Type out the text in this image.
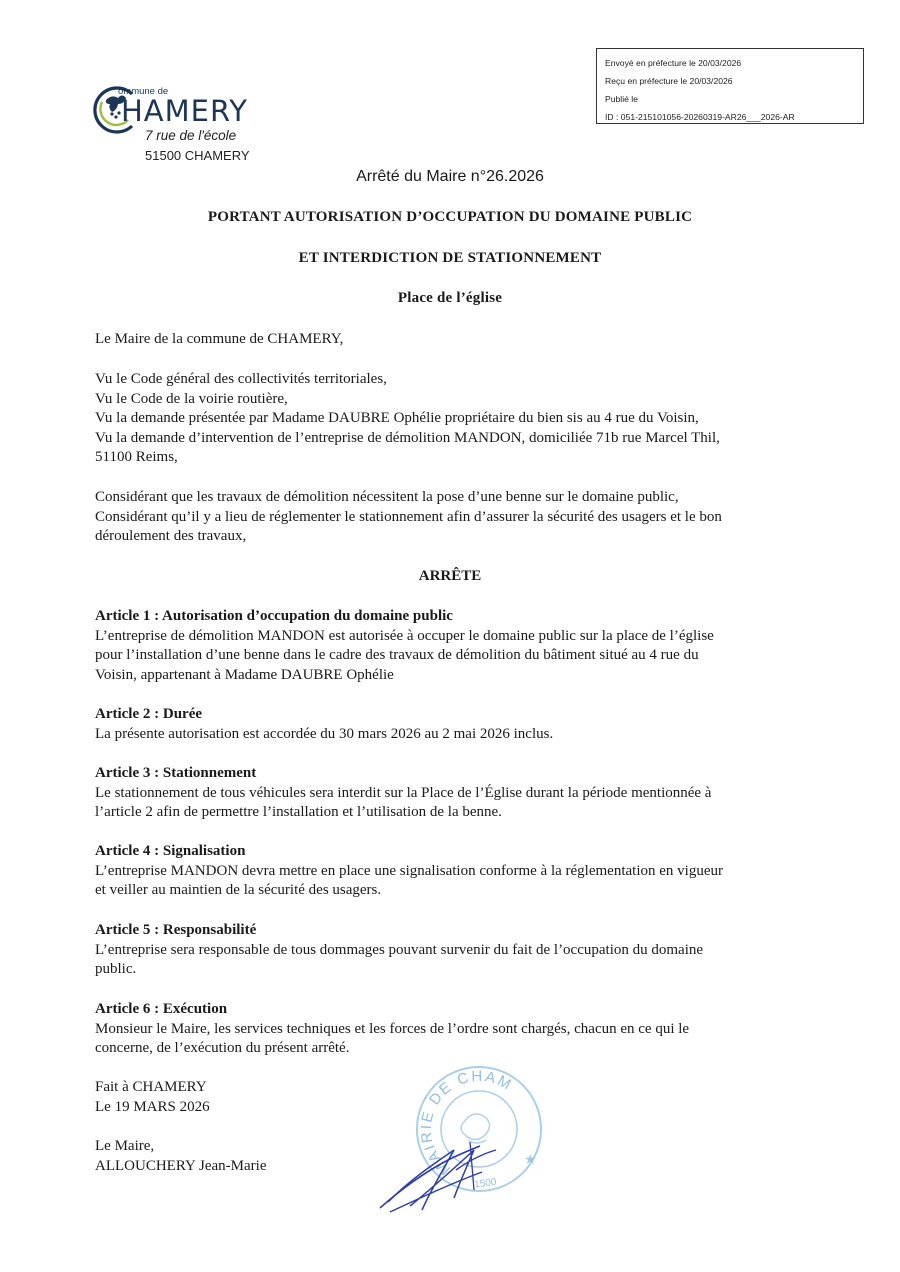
Envoyé en préfecture le 20/03/2026
Reçu en préfecture le 20/03/2026
Publié le
ID : 051-215101056-20260319-AR26___2026-AR
ommune de
HAMERY
7 rue de l'école
51500 CHAMERY
Arrêté du Maire n°26.2026
PORTANT AUTORISATION D’OCCUPATION DU DOMAINE PUBLIC
ET INTERDICTION DE STATIONNEMENT
Place de l’église

Le Maire de la commune de CHAMERY,

Vu le Code général des collectivités territoriales,

Vu le Code de la voirie routière,

Vu la demande présentée par Madame DAUBRE Ophélie propriétaire du bien sis au 4 rue du Voisin,

Vu la demande d’intervention de l’entreprise de démolition MANDON, domiciliée 71b rue Marcel Thil,

51100 Reims,

Considérant que les travaux de démolition nécessitent la pose d’une benne sur le domaine public,

Considérant qu’il y a lieu de réglementer le stationnement afin d’assurer la sécurité des usagers et le bon

déroulement des travaux,

ARRÊTE

Article 1 : Autorisation d’occupation du domaine public

L’entreprise de démolition MANDON est autorisée à occuper le domaine public sur la place de l’église

pour l’installation d’une benne dans le cadre des travaux de démolition du bâtiment situé au 4 rue du

Voisin, appartenant à Madame DAUBRE Ophélie

Article 2 : Durée

La présente autorisation est accordée du 30 mars 2026 au 2 mai 2026 inclus.

Article 3 : Stationnement

Le stationnement de tous véhicules sera interdit sur la Place de l’Église durant la période mentionnée à

l’article 2 afin de permettre l’installation et l’utilisation de la benne.

Article 4 : Signalisation

L’entreprise MANDON devra mettre en place une signalisation conforme à la réglementation en vigueur

et veiller au maintien de la sécurité des usagers.

Article 5 : Responsabilité

L’entreprise sera responsable de tous dommages pouvant survenir du fait de l’occupation du domaine

public.

Article 6 : Exécution

Monsieur le Maire, les services techniques et les forces de l’ordre sont chargés, chacun en ce qui le

concerne, de l’exécution du présent arrêté.

Fait à CHAMERY

Le 19 MARS 2026

Le Maire,

ALLOUCHERY Jean-Marie	MAIRIE DE CHAMERY
★
1500
